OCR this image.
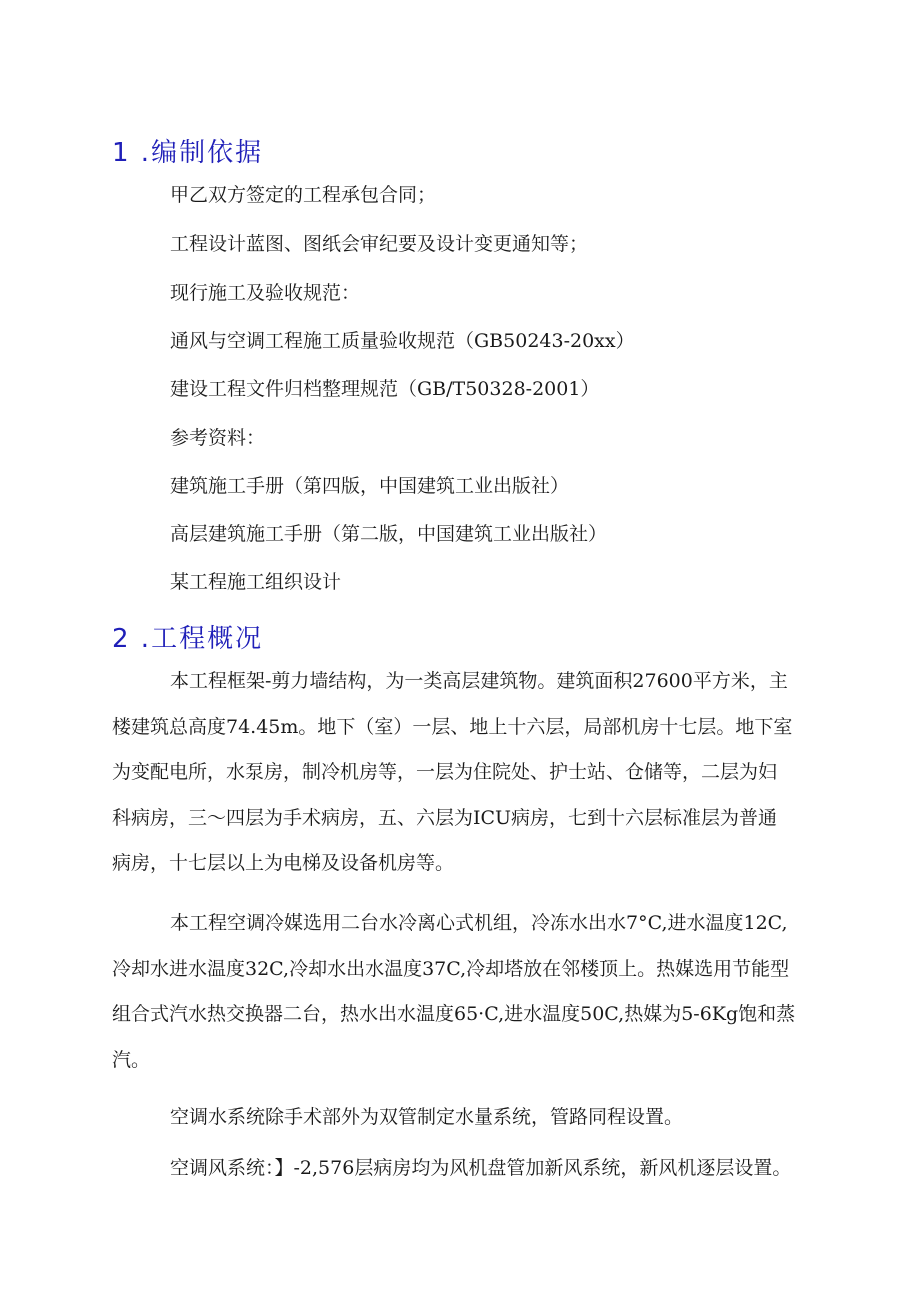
1 .编制依据
甲乙双方签定的工程承包合同；
工程设计蓝图、图纸会审纪要及设计变更通知等；
现行施工及验收规范：
通风与空调工程施工质量验收规范（GB50243-20xx）
建设工程文件归档整理规范（GB/T50328-2001）
参考资料：
建筑施工手册（第四版，中国建筑工业出版社）
高层建筑施工手册（第二版，中国建筑工业出版社）
某工程施工组织设计
2 .工程概况
本工程框架-剪力墙结构，为一类高层建筑物。建筑面积27600平方米，主
楼建筑总高度74.45m。地下（室）一层、地上十六层，局部机房十七层。地下室
为变配电所，水泵房，制冷机房等，一层为住院处、护士站、仓储等，二层为妇
科病房，三～四层为手术病房，五、六层为ICU病房，七到十六层标准层为普通
病房，十七层以上为电梯及设备机房等。
本工程空调冷媒选用二台水冷离心式机组，冷冻水出水7°C,进水温度12C,
冷却水进水温度32C,冷却水出水温度37C,冷却塔放在邻楼顶上。热媒选用节能型
组合式汽水热交换器二台，热水出水温度65·C,进水温度50C,热媒为5-6Kg饱和蒸
汽。
空调水系统除手术部外为双管制定水量系统，管路同程设置。
空调风系统：】-2,576层病房均为风机盘管加新风系统，新风机逐层设置。
